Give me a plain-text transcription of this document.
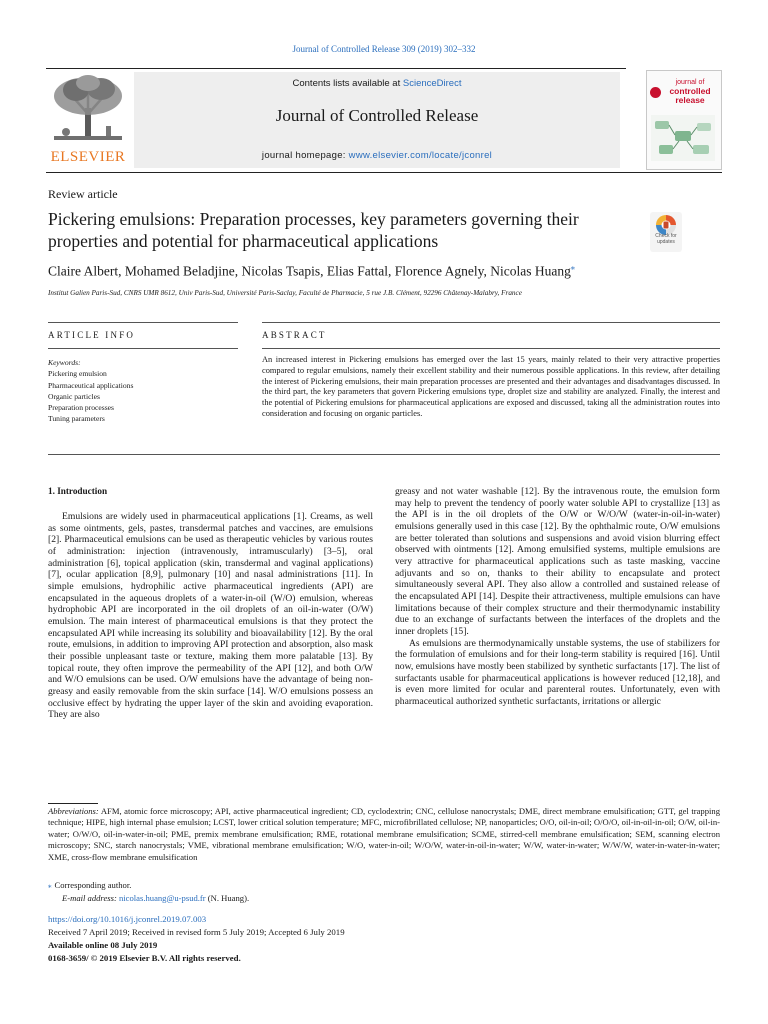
Journal of Controlled Release 309 (2019) 302–332
ELSEVIER
Contents lists available at ScienceDirect
Journal of Controlled Release
journal homepage: www.elsevier.com/locate/jconrel
journal of
controlled release
Review article
Pickering emulsions: Preparation processes, key parameters governing their properties and potential for pharmaceutical applications	Check for updates
Claire Albert, Mohamed Beladjine, Nicolas Tsapis, Elias Fattal, Florence Agnely, Nicolas Huang⁎
Institut Galien Paris-Sud, CNRS UMR 8612, Univ Paris-Sud, Université Paris-Saclay, Faculté de Pharmacie, 5 rue J.B. Clément, 92296 Châtenay-Malabry, France
ARTICLE INFO	ABSTRACT
Keywords:
Pickering emulsion
Pharmaceutical applications
Organic particles
Preparation processes
Tuning parameters

An increased interest in Pickering emulsions has emerged over the last 15 years, mainly related to their very attractive properties compared to regular emulsions, namely their excellent stability and their numerous possible applications. In this review, after detailing the interest of Pickering emulsions, their main preparation processes are presented and their advantages and disadvantages discussed. In the third part, the key parameters that govern Pickering emulsions type, droplet size and stability are analyzed. Finally, the interest and the potential of Pickering emulsions for pharmaceutical applications are exposed and discussed, taking all the administration routes into consideration and focusing on organic particles.

1. Introduction

Emulsions are widely used in pharmaceutical applications [1]. Creams, as well as some ointments, gels, pastes, transdermal patches and vaccines, are emulsions [2]. Pharmaceutical emulsions can be used as therapeutic vehicles by various routes of administration: injection (intravenously, intramuscularly) [3–5], oral administration [6], topical application (skin, transdermal and vaginal applications) [7], ocular application [8,9], pulmonary [10] and nasal administrations [11]. In simple emulsions, hydrophilic active pharmaceutical ingredients (API) are encapsulated in the aqueous droplets of a water-in-oil (W/O) emulsion, whereas hydrophobic API are incorporated in the oil droplets of an oil-in-water (O/W) emulsion. The main interest of pharmaceutical emulsions is that they protect the encapsulated API while increasing its solubility and bioavailability [12]. By the oral route, emulsions, in addition to improving API protection and absorption, also mask their possible unpleasant taste or texture, making them more palatable [13]. By topical route, they often improve the permeability of the API [12], and both O/W and W/O emulsions can be used. O/W emulsions have the advantage of being non-greasy and easily removable from the skin surface [14]. W/O emulsions possess an occlusive effect by hydrating the upper layer of the skin and avoiding evaporation. They are also

greasy and not water washable [12]. By the intravenous route, the emulsion form may help to prevent the tendency of poorly water soluble API to crystallize [13] as the API is in the oil droplets of the O/W or W/O/W (water-in-oil-in-water) emulsions generally used in this case [12]. By the ophthalmic route, O/W emulsions are better tolerated than solutions and suspensions and avoid vision blurring effect observed with ointments [12]. Among emulsified systems, multiple emulsions are very attractive for pharmaceutical applications such as taste masking, vaccine adjuvants and so on, thanks to their ability to encapsulate and protect simultaneously several API. They also allow a controlled and sustained release of the encapsulated API [14]. Despite their attractiveness, multiple emulsions can have limitations because of their complex structure and their thermodynamic instability due to an exchange of surfactants between the interfaces of the droplets and the inner droplets [15].

As emulsions are thermodynamically unstable systems, the use of stabilizers for the formulation of emulsions and for their long-term stability is required [16]. Until now, emulsions have mostly been stabilized by synthetic surfactants [17]. The list of surfactants usable for pharmaceutical applications is however reduced [12,18], and is even more limited for ocular and parenteral routes. Unfortunately, even with pharmaceutical authorized synthetic surfactants, irritations or allergic

Abbreviations: AFM, atomic force microscopy; API, active pharmaceutical ingredient; CD, cyclodextrin; CNC, cellulose nanocrystals; DME, direct membrane emulsification; GTT, gel trapping technique; HIPE, high internal phase emulsion; LCST, lower critical solution temperature; MFC, microfibrillated cellulose; NP, nanoparticles; O/O, oil-in-oil; O/O/O, oil-in-oil-in-oil; O/W, oil-in-water; O/W/O, oil-in-water-in-oil; PME, premix membrane emulsification; RME, rotational membrane emulsification; SCME, stirred-cell membrane emulsification; SEM, scanning electron microscopy; SNC, starch nanocrystals; VME, vibrational membrane emulsification; W/O, water-in-oil; W/O/W, water-in-oil-in-water; W/W, water-in-water; W/W/W, water-in-water-in-water; XME, cross-flow membrane emulsification

⁎ Corresponding author.
E-mail address: nicolas.huang@u-psud.fr (N. Huang).
https://doi.org/10.1016/j.jconrel.2019.07.003
Received 7 April 2019; Received in revised form 5 July 2019; Accepted 6 July 2019
Available online 08 July 2019
0168-3659/ © 2019 Elsevier B.V. All rights reserved.
